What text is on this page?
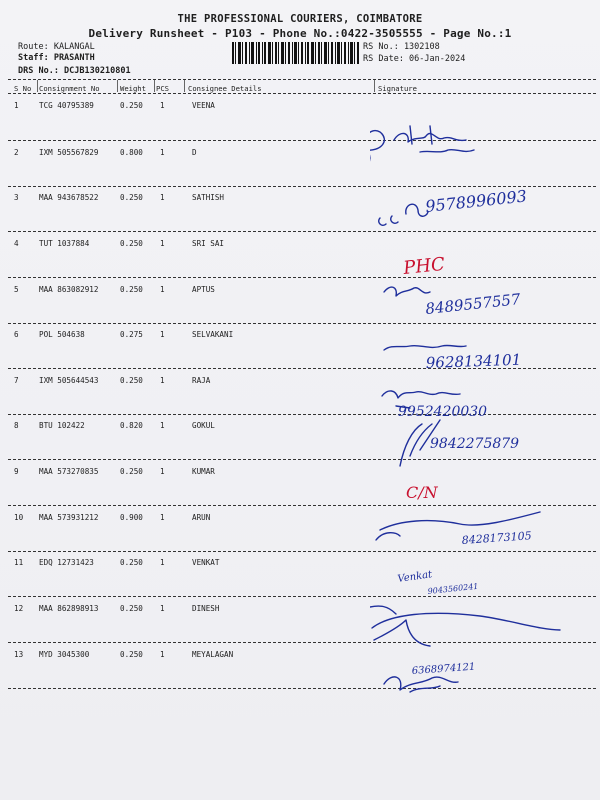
THE PROFESSIONAL COURIERS, COIMBATORE
Delivery Runsheet - P103 - Phone No.:0422-3505555 - Page No.:1
Route: KALANGAL
Staff: PRASANTH
DRS No.: DCJB130210801
RS No.: 1302108
RS Date: 06-Jan-2024
S No Consignment No	Weight PCS	Consignee Details	Signature
1	TCG 40795389	0.250 1	VEENA
2	IXM 505567829	0.800 1	D
3	MAA 943678522	0.250 1	SATHISH
4	TUT 1037884	0.250 1	SRI SAI
5	MAA 863082912	0.250 1	APTUS
6	POL 504638	0.275 1	SELVAKANI
7	IXM 505644543	0.250 1	RAJA
8	BTU 102422	0.820 1	GOKUL
9	MAA 573270835	0.250 1	KUMAR
10 MAA 573931212	0.900 1	ARUN
11 EDQ 12731423	0.250 1	VENKAT
12 MAA 862898913	0.250 1	DINESH
13 MYD 3045300	0.250 1	MEYALAGAN
9578996093
8489557557
9628134101
9952420030
9842275879
8428173105
Venkat
9043560241
6368974121
PHC
C/N
